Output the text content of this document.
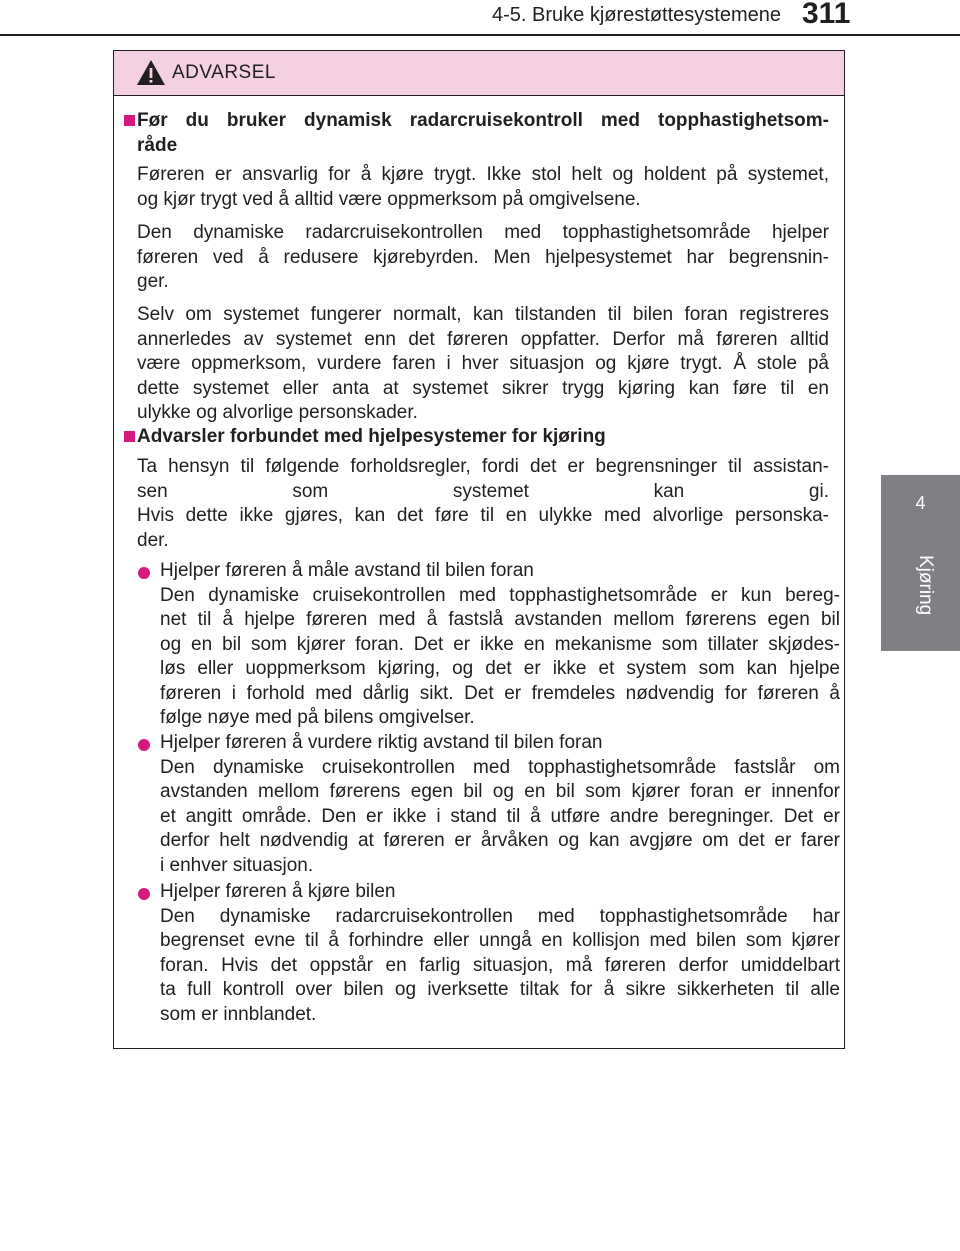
4-5. Bruke kjørestøttesystemene 311
4
Kjøring
ADVARSEL
Før du bruker dynamisk radarcruisekontroll med topphastighetsom-
råde
Føreren er ansvarlig for å kjøre trygt. Ikke stol helt og holdent på systemet,
og kjør trygt ved å alltid være oppmerksom på omgivelsene.
Den dynamiske radarcruisekontrollen med topphastighetsområde hjelper
føreren ved å redusere kjørebyrden. Men hjelpesystemet har begrensnin-
ger.
Selv om systemet fungerer normalt, kan tilstanden til bilen foran registreres
annerledes av systemet enn det føreren oppfatter. Derfor må føreren alltid
være oppmerksom, vurdere faren i hver situasjon og kjøre trygt. Å stole på
dette systemet eller anta at systemet sikrer trygg kjøring kan føre til en
ulykke og alvorlige personskader.
Advarsler forbundet med hjelpesystemer for kjøring
Ta hensyn til følgende forholdsregler, fordi det er begrensninger til assistan-
sen som systemet kan gi.
Hvis dette ikke gjøres, kan det føre til en ulykke med alvorlige personska-
der.
Hjelper føreren å måle avstand til bilen foran
Den dynamiske cruisekontrollen med topphastighetsområde er kun bereg-
net til å hjelpe føreren med å fastslå avstanden mellom førerens egen bil
og en bil som kjører foran. Det er ikke en mekanisme som tillater skjødes-
løs eller uoppmerksom kjøring, og det er ikke et system som kan hjelpe
føreren i forhold med dårlig sikt. Det er fremdeles nødvendig for føreren å
følge nøye med på bilens omgivelser.
Hjelper føreren å vurdere riktig avstand til bilen foran
Den dynamiske cruisekontrollen med topphastighetsområde fastslår om
avstanden mellom førerens egen bil og en bil som kjører foran er innenfor
et angitt område. Den er ikke i stand til å utføre andre beregninger. Det er
derfor helt nødvendig at føreren er årvåken og kan avgjøre om det er farer
i enhver situasjon.
Hjelper føreren å kjøre bilen
Den dynamiske radarcruisekontrollen med topphastighetsområde har
begrenset evne til å forhindre eller unngå en kollisjon med bilen som kjører
foran. Hvis det oppstår en farlig situasjon, må føreren derfor umiddelbart
ta full kontroll over bilen og iverksette tiltak for å sikre sikkerheten til alle
som er innblandet.
